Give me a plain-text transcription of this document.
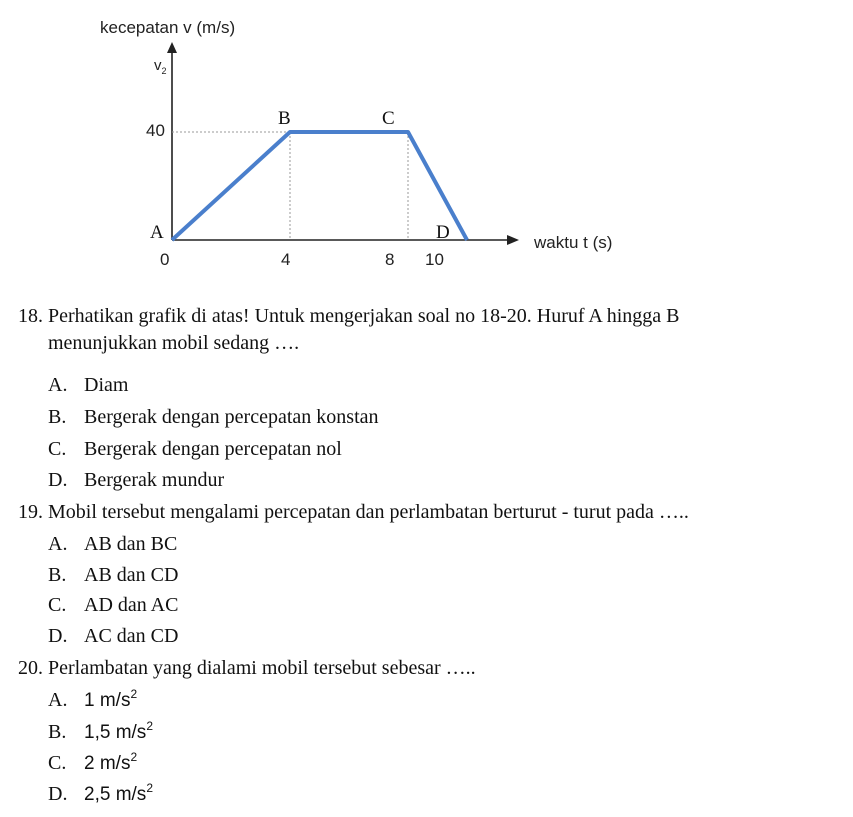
kecepatan v (m/s)
waktu t (s)
$v_2$
40
0	4	8 10
A
B	C
D
18. Perhatikan grafik di atas! Untuk mengerjakan soal no 18-20. Huruf A hingga B
menunjukkan mobil sedang ….
A. Diam
B. Bergerak dengan percepatan konstan
C. Bergerak dengan percepatan nol
D. Bergerak mundur
19. Mobil tersebut mengalami percepatan dan perlambatan berturut - turut pada …..
A. AB dan BC
B. AB dan CD
C. AD dan AC
D. AC dan CD
20. Perlambatan yang dialami mobil tersebut sebesar …..
A. 1 $m/s^2$
B. 1,5 $m/s^2$
C. 2 $m/s^2$
D. 2,5 $m/s^2$
